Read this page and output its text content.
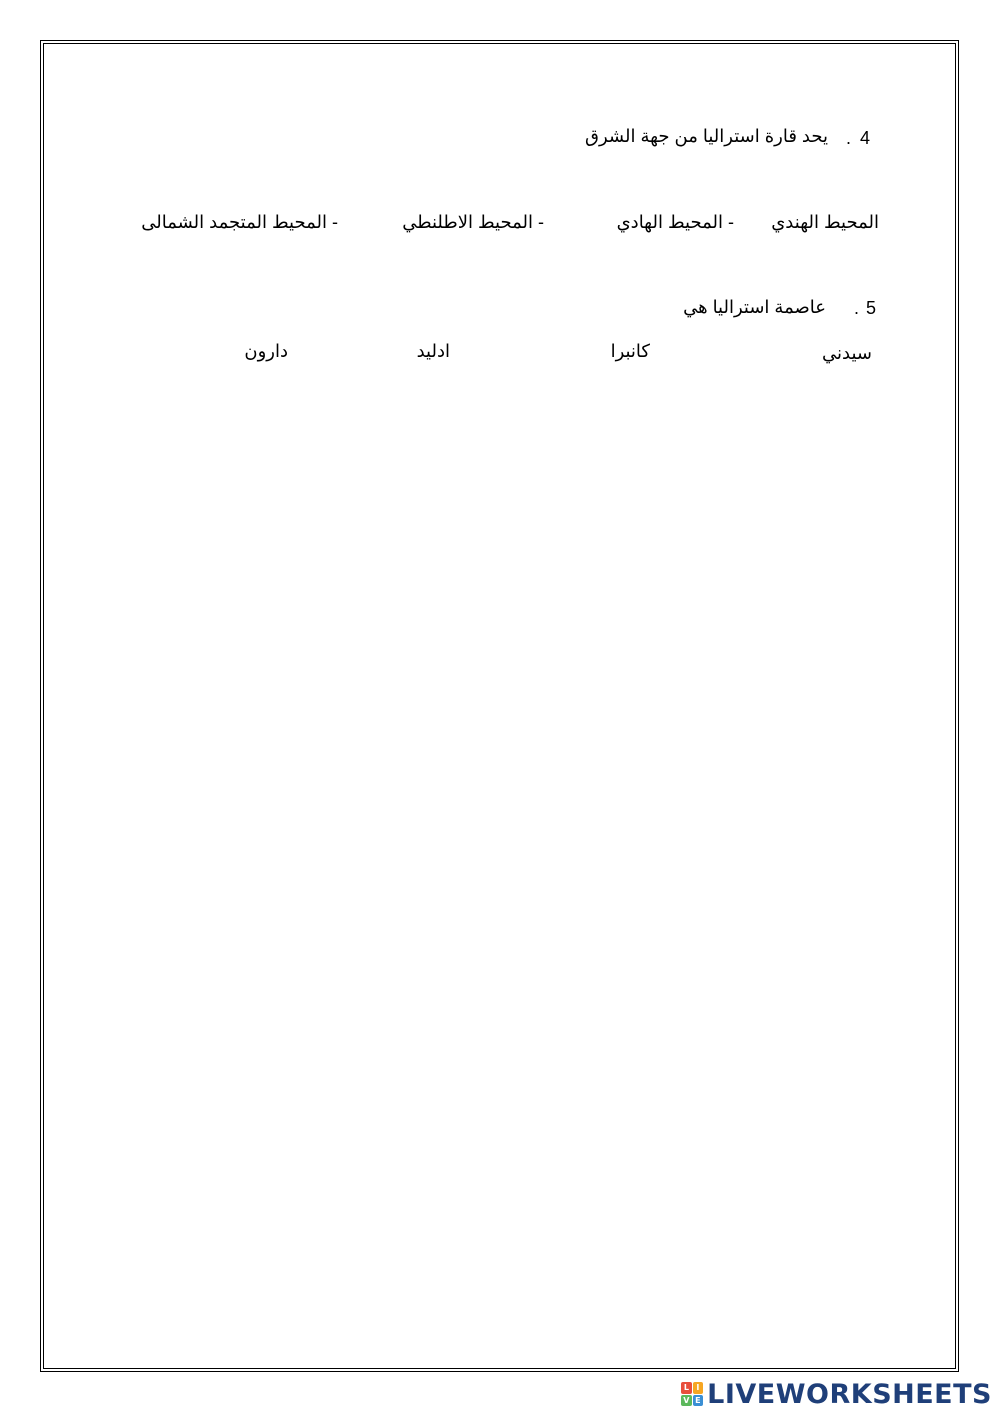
. 4
يحد قارة استراليا من جهة الشرق
المحيط الهندي
- المحيط الهادي
- المحيط الاطلنطي
- المحيط المتجمد الشمالى
. 5
عاصمة استراليا هي
سيدني
كانبرا
ادليد
دارون
L I
V E LIVEWORKSHEETS
